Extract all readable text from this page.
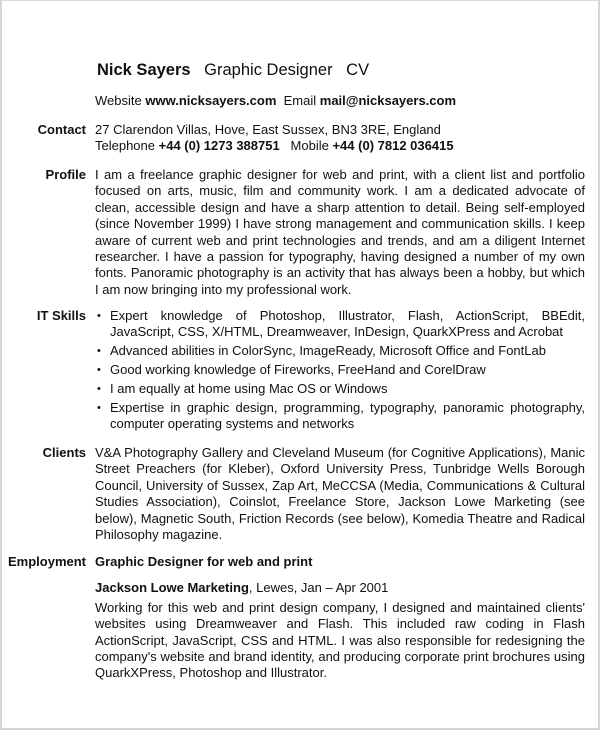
Nick Sayers Graphic Designer CV
Website www.nicksayers.com Email mail@nicksayers.com
Contact 27 Clarendon Villas, Hove, East Sussex, BN3 3RE, England
Telephone +44 (0) 1273 388751 Mobile +44 (0) 7812 036415
Profile I am a freelance graphic designer for web and print, with a client list and portfolio focused on arts, music, film and community work. I am a dedicated advocate of clean, accessible design and have a sharp attention to detail. Being self-employed (since November 1999) I have strong management and communication skills. I keep aware of current web and print technologies and trends, and am a diligent Internet researcher. I have a passion for typography, having designed a number of my own fonts. Panoramic photography is an activity that has always been a hobby, but which I am now bringing into my professional work.
IT Skills • Expert knowledge of Photoshop, Illustrator, Flash, ActionScript, BBEdit, JavaScript, CSS, X/HTML, Dreamweaver, InDesign, QuarkXPress and Acrobat
• Advanced abilities in ColorSync, ImageReady, Microsoft Office and FontLab
• Good working knowledge of Fireworks, FreeHand and CorelDraw
• I am equally at home using Mac OS or Windows
• Expertise in graphic design, programming, typography, panoramic photography, computer operating systems and networks
Clients V&A Photography Gallery and Cleveland Museum (for Cognitive Applications), Manic Street Preachers (for Kleber), Oxford University Press, Tunbridge Wells Borough Council, University of Sussex, Zap Art, MeCCSA (Media, Communications & Cultural Studies Association), Coinslot, Freelance Store, Jackson Lowe Marketing (see below), Magnetic South, Friction Records (see below), Komedia Theatre and Radical Philosophy magazine.
Employment Graphic Designer for web and print
Jackson Lowe Marketing, Lewes, Jan – Apr 2001
Working for this web and print design company, I designed and maintained clients' websites using Dreamweaver and Flash. This included raw coding in Flash ActionScript, JavaScript, CSS and HTML. I was also responsible for redesigning the company's website and brand identity, and producing corporate print brochures using QuarkXPress, Photoshop and Illustrator.
